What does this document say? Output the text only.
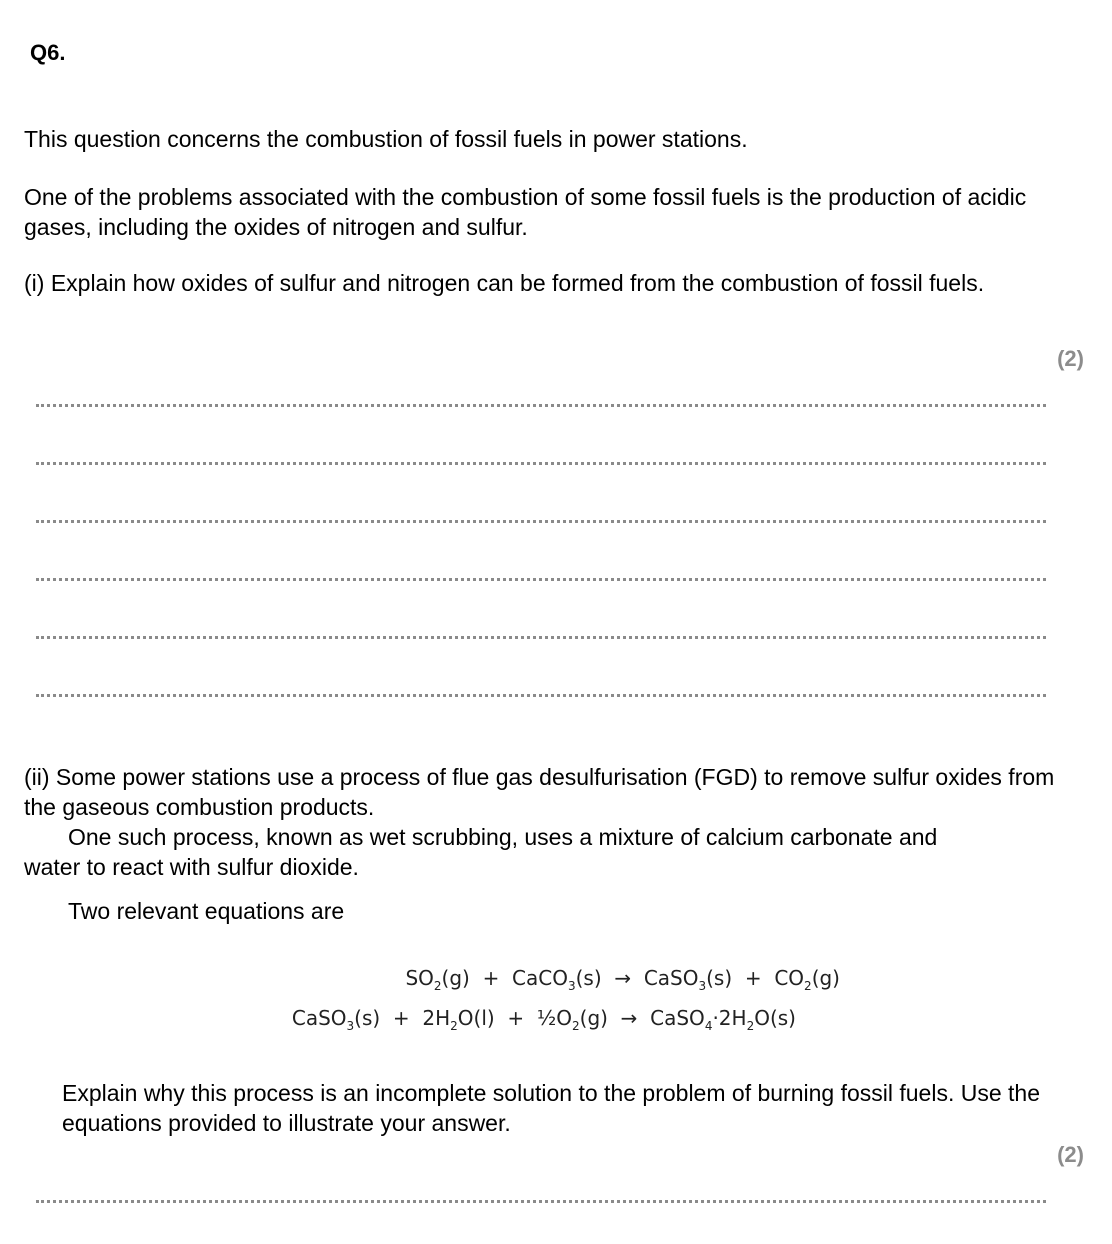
Q6.
This question concerns the combustion of fossil fuels in power stations.
One of the problems associated with the combustion of some fossil fuels is the production of acidic gases, including the oxides of nitrogen and sulfur.
(i) Explain how oxides of sulfur and nitrogen can be formed from the combustion of fossil fuels.
(2)
(ii) Some power stations use a process of flue gas desulfurisation (FGD) to remove sulfur oxides from the gaseous combustion products.
One such process, known as wet scrubbing, uses a mixture of calcium carbonate and
water to react with sulfur dioxide.
Two relevant equations are
$SO_2(g)$  +  CaCO$_3$(s)  →  CaSO$_3$(s)  +  $CO_2(g)$
CaSO$_3$(s)  +  $2H_2O(l)$  +  $\frac{1}{2}O_2(g)$  →  $CaSO_4\cdot 2H_2O(s)$
Explain why this process is an incomplete solution to the problem of burning fossil fuels. Use the equations provided to illustrate your answer.
(2)
